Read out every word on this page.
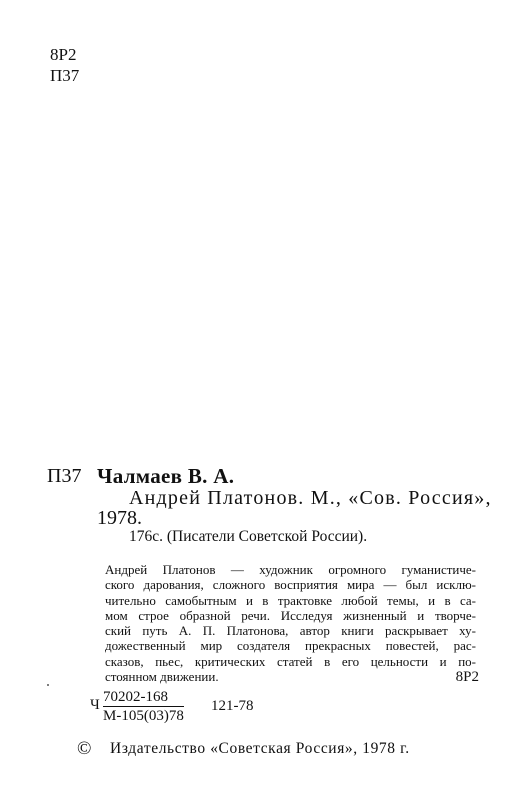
8Р2
П37
П37 Чалмаев В. А.
Андрей Платонов. М., «Сов. Россия»,
1978.
176с. (Писатели Советской России).
Андрей Платонов — художник огромного гуманистиче-
ского дарования, сложного восприятия мира — был исклю-
чительно самобытным и в трактовке любой темы, и в са-
мом строе образной речи. Исследуя жизненный и творче-
ский путь А. П. Платонова, автор книги раскрывает ху-
дожественный мир создателя прекрасных повестей, рас-
сказов, пьес, критических статей в его цельности и по-
стоянном движении.	8Р2
Ч 70202-168
М-105(03)78
121-78
© Издательство «Советская Россия», 1978 г.
